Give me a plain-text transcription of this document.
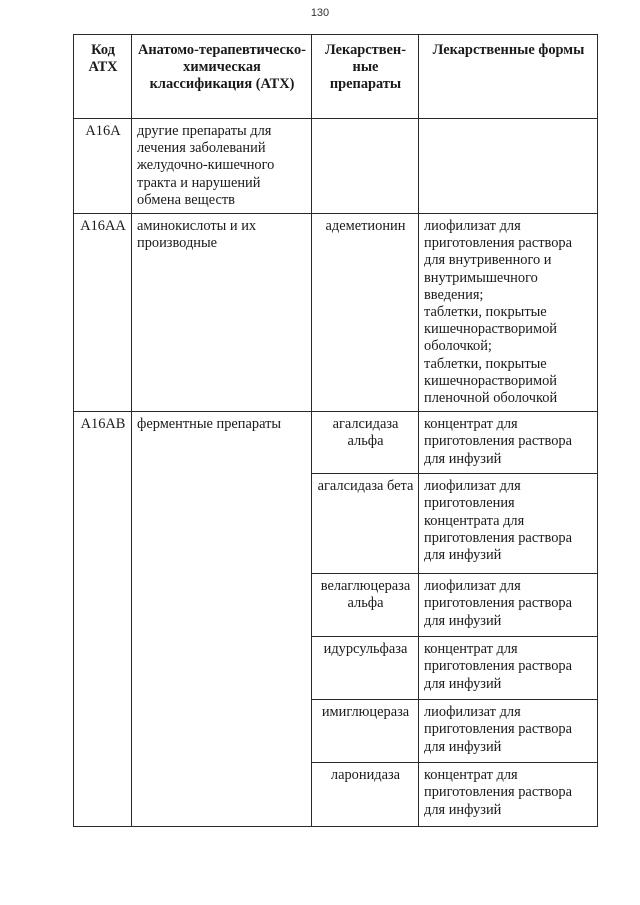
130
Код АТХ	Анатомо-терапевтическо-химическая классификация (АТХ)	Лекарствен-ные препараты	Лекарственные формы
A16A	другие препараты для лечения заболеваний желудочно-кишечного тракта и нарушений обмена веществ		
A16AA	аминокислоты и их производные	адеметионин	лиофилизат для приготовления раствора для внутривенного и внутримышечного введения;
таблетки, покрытые кишечнорастворимой оболочкой;
таблетки, покрытые кишечнорастворимой пленочной оболочкой

A16AB	ферментные препараты	агалсидаза альфа	концентрат для приготовления раствора для инфузий

		агалсидаза бета	лиофилизат для приготовления концентрата для приготовления раствора для инфузий

		велаглюцераза альфа	лиофилизат для приготовления раствора для инфузий

		идурсульфаза	концентрат для приготовления раствора для инфузий

		имиглюцераза	лиофилизат для приготовления раствора для инфузий

		ларонидаза	концентрат для приготовления раствора для инфузий
